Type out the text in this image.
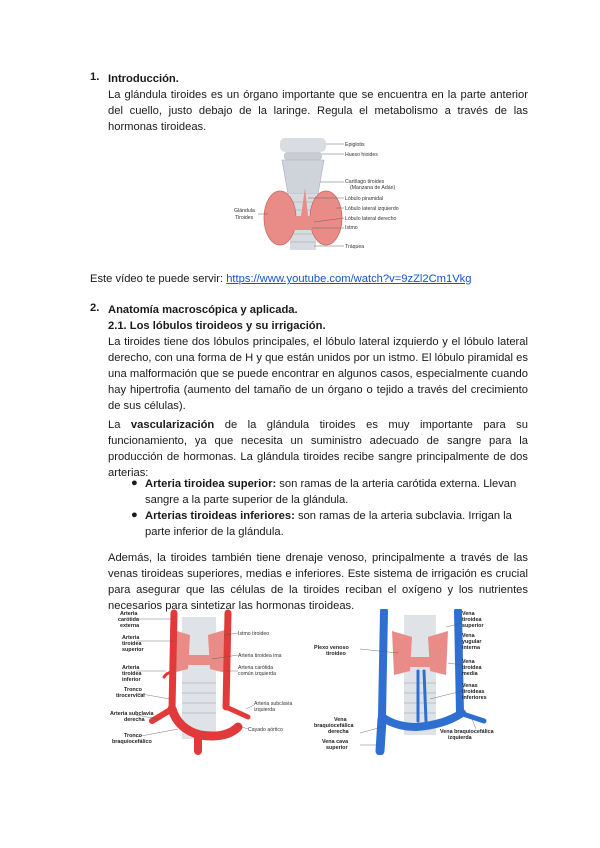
1. Introducción.

La glándula tiroides es un órgano importante que se encuentra en la parte anterior del cuello, justo debajo de la laringe. Regula el metabolismo a través de las hormonas tiroideas.

Epiglotis
Hueso hioides
Cartílago tiroides
(Manzana de Adán)
Lóbulo piramidal
Lóbulo lateral izquierdo
Lóbulo lateral derecho
Istmo
Tráquea
Glándula
Tiroides

Este vídeo te puede servir: https://www.youtube.com/watch?v=9zZl2Cm1Vkg

2. Anatomía macroscópica y aplicada.

2.1. Los lóbulos tiroideos y su irrigación.

La tiroides tiene dos lóbulos principales, el lóbulo lateral izquierdo y el lóbulo lateral derecho, con una forma de H y que están unidos por un istmo. El lóbulo piramidal es una malformación que se puede encontrar en algunos casos, especialmente cuando hay hipertrofia (aumento del tamaño de un órgano o tejido a través del crecimiento de sus células).

La vascularización de la glándula tiroides es muy importante para su funcionamiento, ya que necesita un suministro adecuado de sangre para la producción de hormonas. La glándula tiroides recibe sangre principalmente de dos arterias:

● Arteria tiroidea superior: son ramas de la arteria carótida externa. Llevan sangre a la parte superior de la glándula.

● Arterias tiroideas inferiores: son ramas de la arteria subclavia. Irrigan la parte inferior de la glándula.

Además, la tiroides también tiene drenaje venoso, principalmente a través de las venas tiroideas superiores, medias e inferiores. Este sistema de irrigación es crucial para asegurar que las células de la tiroides reciban el oxígeno y los nutrientes necesarios para sintetizar las hormonas tiroideas.

Arteria
carótida
externa
Arteria
tiroidea
superior
Arteria
tiroidea
inferior
Tronco
tirocervical
Arteria subclavia
derecha
Tronco
braquiocefálico
Istmo tiroideo
Arteria tiroidea ima
Arteria carótida
común izquierda
Arteria subclavia
izquierda
Cayado aórtico
Plexo venoso
tiroideo
Vena
braquiocefálica
derecha
Vena cava
superior
Vena
tiroidea
superior
Vena
yugular
interna
Vena
tiroidea
media
Venas
tiroideas
inferiores
Vena braquiocefálica
izquierda
